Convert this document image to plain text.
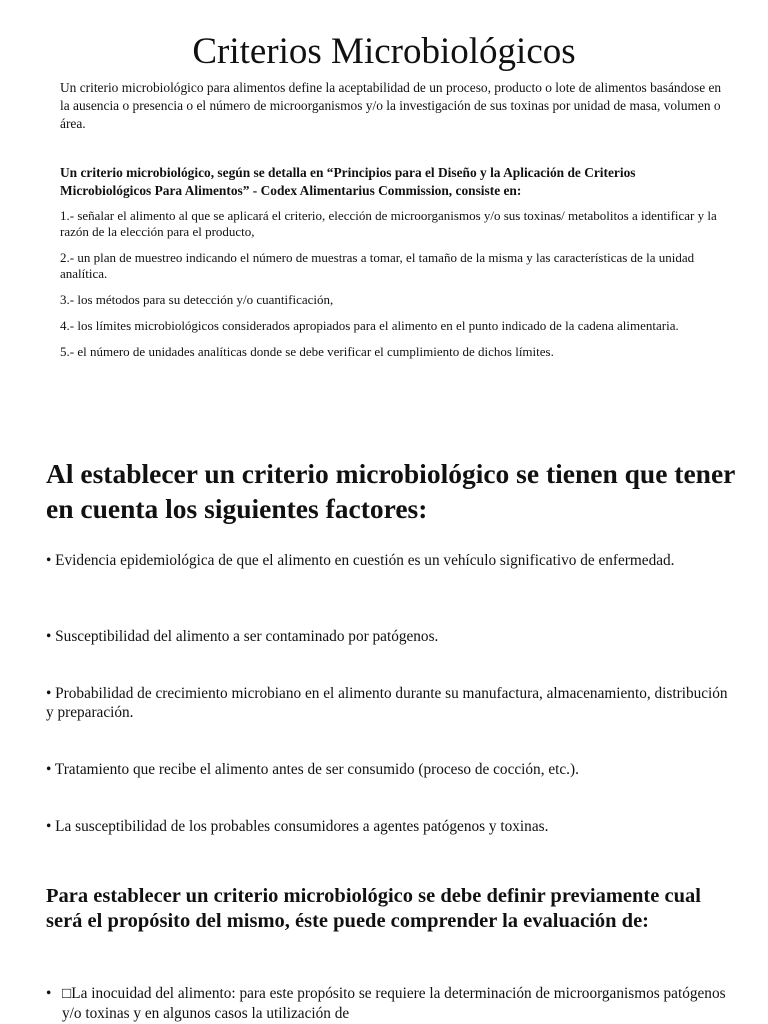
Criterios Microbiológicos

Un criterio microbiológico para alimentos define la aceptabilidad de un proceso, producto o lote de alimentos basándose en la ausencia o presencia o el número de microorganismos y/o la investigación de sus toxinas por unidad de masa, volumen o área.

Un criterio microbiológico, según se detalla en “Principios para el Diseño y la Aplicación de Criterios Microbiológicos Para Alimentos” - Codex Alimentarius Commission, consiste en:

1.- señalar el alimento al que se aplicará el criterio, elección de microorganismos y/o sus toxinas/ metabolitos a identificar y la razón de la elección para el producto,
2.- un plan de muestreo indicando el número de muestras a tomar, el tamaño de la misma y las características de la unidad analítica.
3.- los métodos para su detección y/o cuantificación,
4.- los límites microbiológicos considerados apropiados para el alimento en el punto indicado de la cadena alimentaria.
5.- el número de unidades analíticas donde se debe verificar el cumplimiento de dichos límites.
Al establecer un criterio microbiológico se tienen que tener en cuenta los siguientes factores:
• Evidencia epidemiológica de que el alimento en cuestión es un vehículo significativo de enfermedad.
• Susceptibilidad del alimento a ser contaminado por patógenos.
• Probabilidad de crecimiento microbiano en el alimento durante su manufactura, almacenamiento, distribución y preparación.
• Tratamiento que recibe el alimento antes de ser consumido (proceso de cocción, etc.).
• La susceptibilidad de los probables consumidores a agentes patógenos y toxinas.
Para establecer un criterio microbiológico se debe definir previamente cual será el propósito del mismo, éste puede comprender la evaluación de:
• □La inocuidad del alimento: para este propósito se requiere la determinación de microorganismos patógenos y/o toxinas y en algunos casos la utilización de
